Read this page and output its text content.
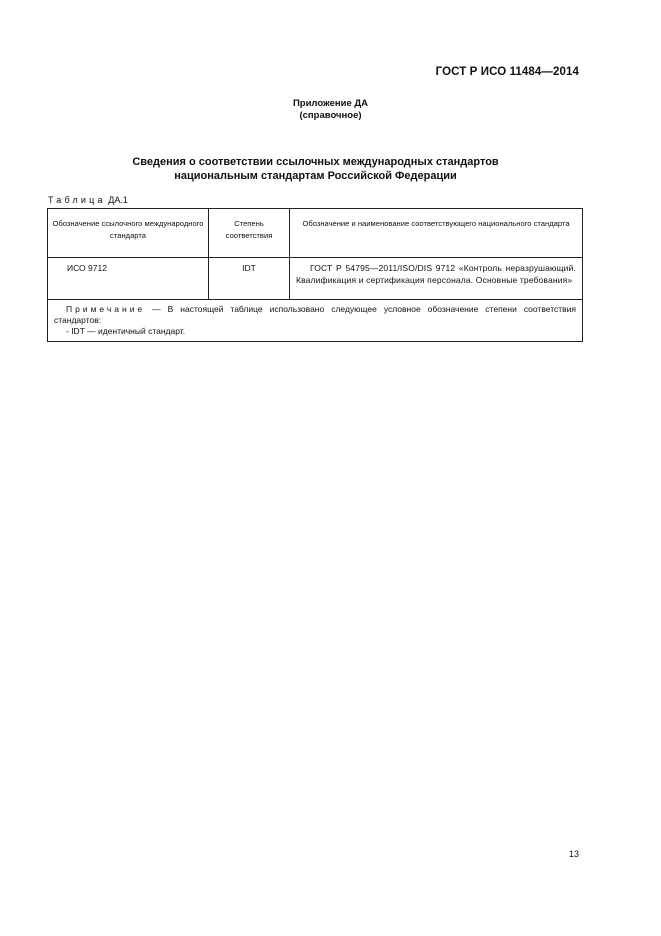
ГОСТ Р ИСО 11484—2014
Приложение ДА
(справочное)
Сведения о соответствии ссылочных международных стандартов
национальным стандартам Российской Федерации
Таблица ДА.1
Обозначение ссылочного международного стандарта	Степень соответствия	Обозначение и наименование соответствующего национального стандарта
ИСО 9712	IDT	ГОСТ Р 54795—2011/ISO/DIS 9712 «Контроль неразрушающий. Квалификация и сертификация персонала. Основные требования»

Примечание — В настоящей таблице использовано следующее условное обозначение степени соответствия стандартов:
- IDT — идентичный стандарт.		
13
